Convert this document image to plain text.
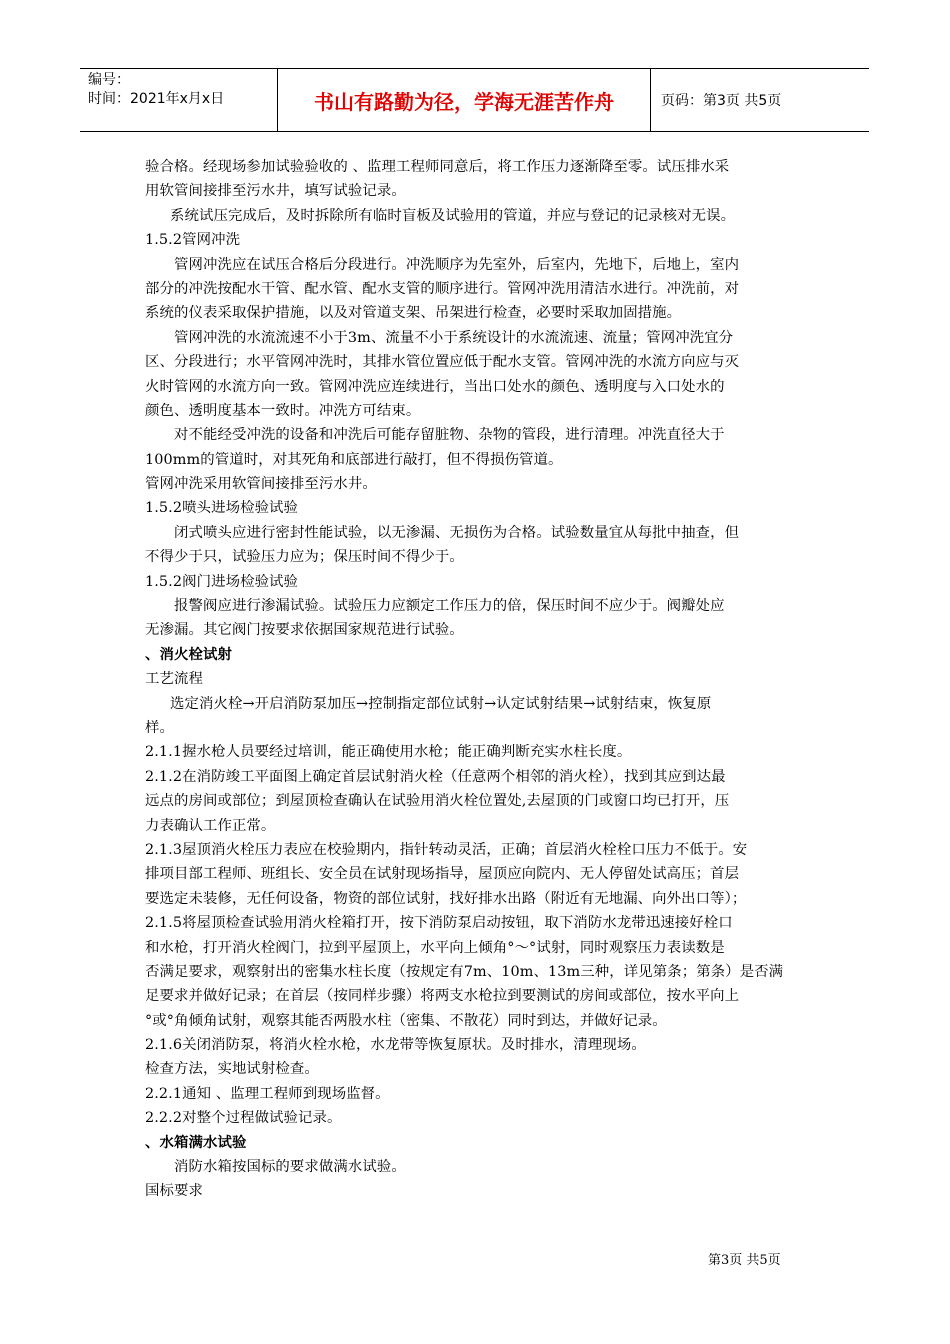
编号：
时间：2021年x月x日	书山有路勤为径，学海无涯苦作舟	页码：第3页 共5页
验合格。经现场参加试验验收的 、监理工程师同意后，将工作压力逐渐降至零。试压排水采
用软管间接排至污水井，填写试验记录。
系统试压完成后，及时拆除所有临时盲板及试验用的管道，并应与登记的记录核对无误。
1.5.2管网冲洗
管网冲洗应在试压合格后分段进行。冲洗顺序为先室外，后室内，先地下，后地上，室内
部分的冲洗按配水干管、配水管、配水支管的顺序进行。管网冲洗用清洁水进行。冲洗前，对
系统的仪表采取保护措施，以及对管道支架、吊架进行检查，必要时采取加固措施。
管网冲洗的水流流速不小于3m、流量不小于系统设计的水流流速、流量；管网冲洗宜分
区、分段进行；水平管网冲洗时，其排水管位置应低于配水支管。管网冲洗的水流方向应与灭
火时管网的水流方向一致。管网冲洗应连续进行，当出口处水的颜色、透明度与入口处水的
颜色、透明度基本一致时。冲洗方可结束。
对不能经受冲洗的设备和冲洗后可能存留脏物、杂物的管段，进行清理。冲洗直径大于
100mm的管道时，对其死角和底部进行敲打，但不得损伤管道。
管网冲洗采用软管间接排至污水井。
1.5.2喷头进场检验试验
闭式喷头应进行密封性能试验，以无渗漏、无损伤为合格。试验数量宜从每批中抽查，但
不得少于只，试验压力应为；保压时间不得少于。
1.5.2阀门进场检验试验
报警阀应进行渗漏试验。试验压力应额定工作压力的倍，保压时间不应少于。阀瓣处应
无渗漏。其它阀门按要求依据国家规范进行试验。
、消火栓试射
工艺流程
选定消火栓→开启消防泵加压→控制指定部位试射→认定试射结果→试射结束，恢复原
样。
2.1.1握水枪人员要经过培训，能正确使用水枪；能正确判断充实水柱长度。
2.1.2在消防竣工平面图上确定首层试射消火栓（任意两个相邻的消火栓），找到其应到达最
远点的房间或部位；到屋顶检查确认在试验用消火栓位置处,去屋顶的门或窗口均已打开，压
力表确认工作正常。
2.1.3屋顶消火栓压力表应在校验期内，指针转动灵活，正确；首层消火栓栓口压力不低于。安
排项目部工程师、班组长、安全员在试射现场指导，屋顶应向院内、无人停留处试高压；首层
要选定未装修，无任何设备，物资的部位试射，找好排水出路（附近有无地漏、向外出口等）；
2.1.5将屋顶检查试验用消火栓箱打开，按下消防泵启动按钮，取下消防水龙带迅速接好栓口
和水枪，打开消火栓阀门，拉到平屋顶上，水平向上倾角°～°试射，同时观察压力表读数是
否满足要求，观察射出的密集水柱长度（按规定有7m、10m、13m三种，详见第条；第条）是否满
足要求并做好记录；在首层（按同样步骤）将两支水枪拉到要测试的房间或部位，按水平向上
°或°角倾角试射，观察其能否两股水柱（密集、不散花）同时到达，并做好记录。
2.1.6关闭消防泵，将消火栓水枪，水龙带等恢复原状。及时排水，清理现场。
检查方法，实地试射检查。
2.2.1通知 、监理工程师到现场监督。
2.2.2对整个过程做试验记录。
、水箱满水试验
消防水箱按国标的要求做满水试验。
国标要求
第3页 共5页
